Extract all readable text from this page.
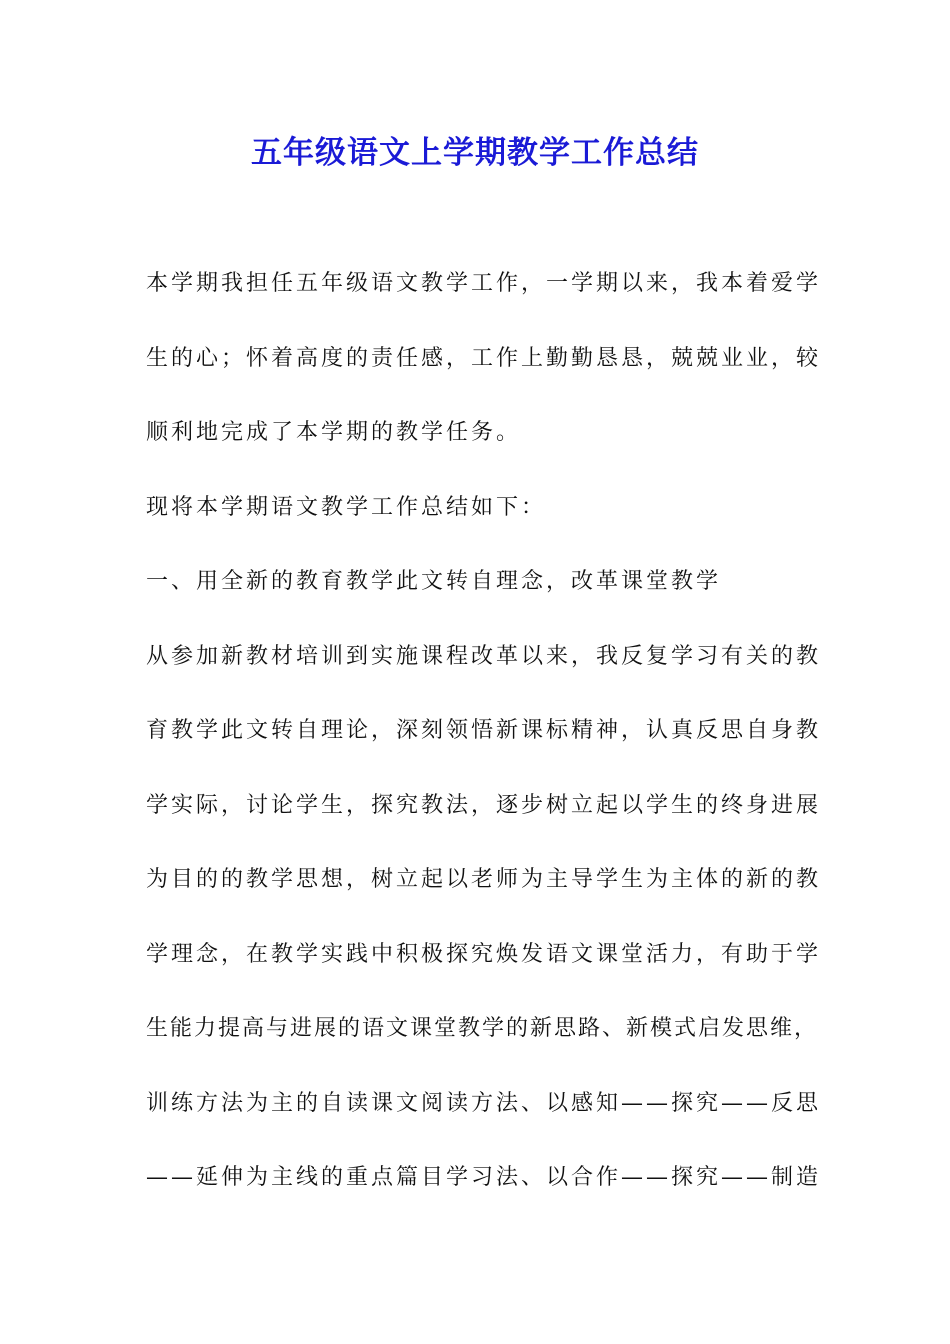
五年级语文上学期教学工作总结
本学期我担任五年级语文教学工作，一学期以来，我本着爱学
生的心；怀着高度的责任感，工作上勤勤恳恳，兢兢业业，较
顺利地完成了本学期的教学任务。
现将本学期语文教学工作总结如下：
一、用全新的教育教学此文转自理念，改革课堂教学
从参加新教材培训到实施课程改革以来，我反复学习有关的教
育教学此文转自理论，深刻领悟新课标精神，认真反思自身教
学实际，讨论学生，探究教法，逐步树立起以学生的终身进展
为目的的教学思想，树立起以老师为主导学生为主体的新的教
学理念，在教学实践中积极探究焕发语文课堂活力，有助于学
生能力提高与进展的语文课堂教学的新思路、新模式启发思维，
训练方法为主的自读课文阅读方法、以感知——探究——反思
——延伸为主线的重点篇目学习法、以合作——探究——制造
